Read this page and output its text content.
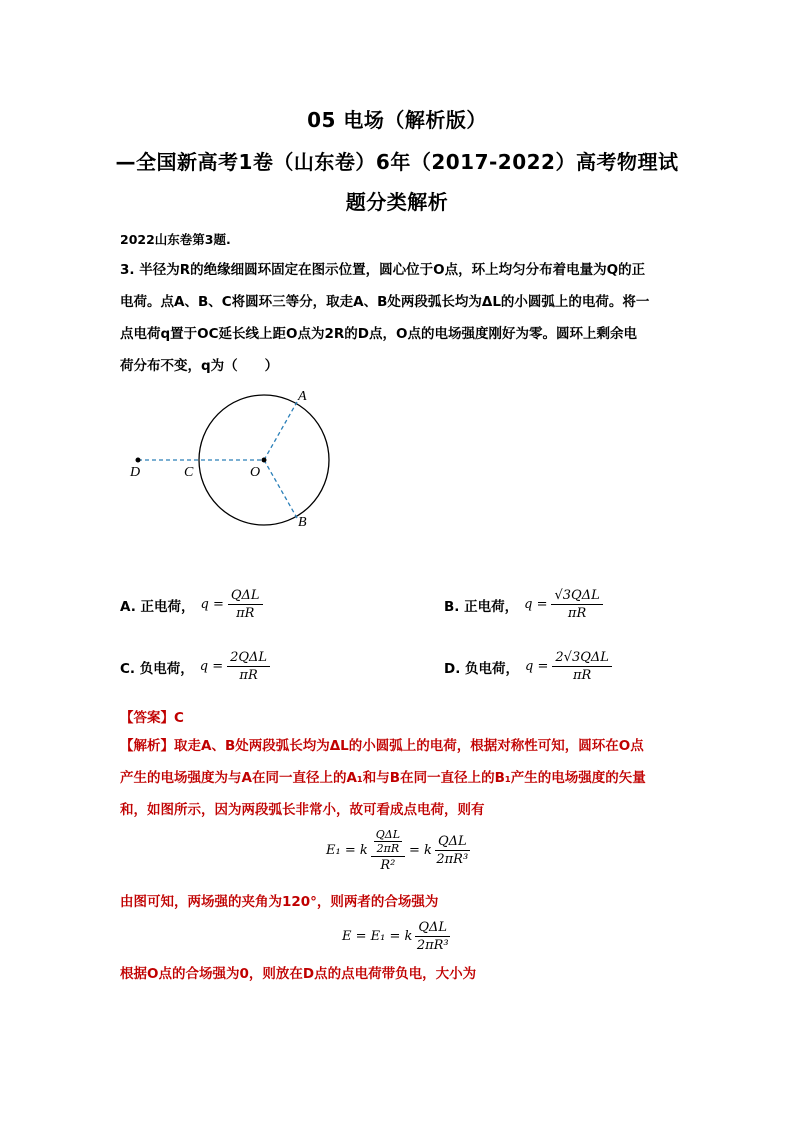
05 电场（解析版）
—全国新高考1卷（山东卷）6年（2017-2022）高考物理试
题分类解析
2022山东卷第3题.
3. 半径为R的绝缘细圆环固定在图示位置，圆心位于O点，环上均匀分布着电量为Q的正
电荷。点A、B、C将圆环三等分，取走A、B处两段弧长均为ΔL的小圆弧上的电荷。将一
点电荷q置于OC延长线上距O点为2R的D点，O点的电场强度刚好为零。圆环上剩余电
荷分布不变，q为（　　）
A
B
C
D	O
A. 正电荷， $q = \frac{\text{QΔL}}{\pi R}$	B. 正电荷， $q = \frac{\text{√3QΔL}}{\pi R}$
C. 负电荷， $q = \frac{\text{2QΔL}}{\pi R}$	D. 负电荷， $q = \frac{\text{2√3QΔL}}{\pi R}$
【答案】C
【解析】取走A、B处两段弧长均为ΔL的小圆弧上的电荷，根据对称性可知，圆环在O点
产生的电场强度为与A在同一直径上的A₁和与B在同一直径上的B₁产生的电场强度的矢量
和，如图所示，因为两段弧长非常小，故可看成点电荷，则有
E₁ = k QΔL
2πR
R² = k $\frac{\text{QΔL}}{\text{2πR³}}$
由图可知，两场强的夹角为120°，则两者的合场强为
E = E₁ = k $\frac{\text{QΔL}}{\text{2πR³}}$
根据O点的合场强为0，则放在D点的点电荷带负电，大小为
